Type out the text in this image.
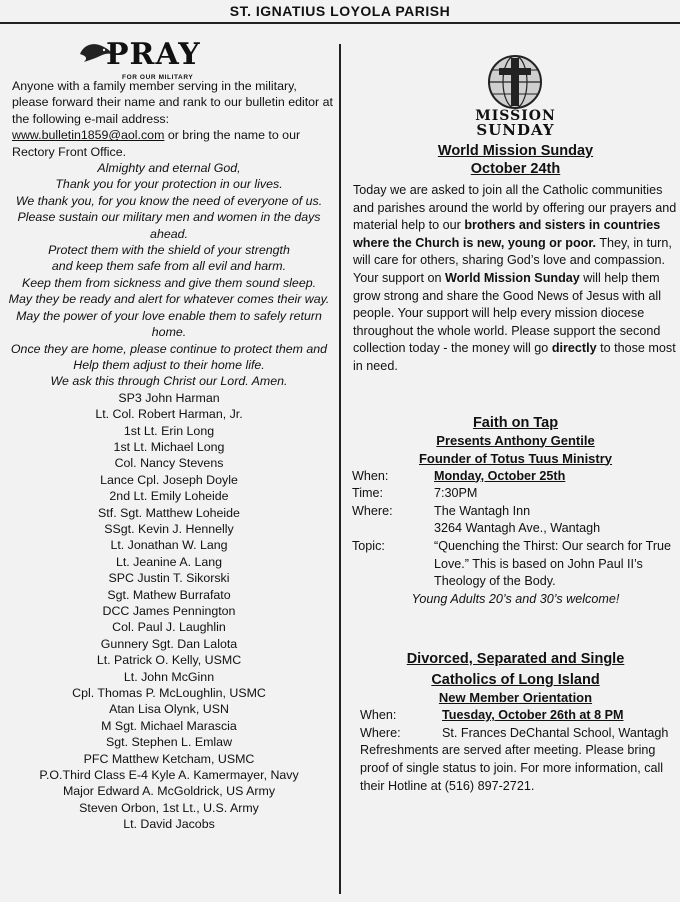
ST. IGNATIUS LOYOLA PARISH
PRAY
FOR OUR MILITARY
Anyone with a family member serving in the military, please forward their name and rank to our bulletin editor at the following e-mail address:
www.bulletin1859@aol.com or bring the name to our Rectory Front Office.
Almighty and eternal God,
Thank you for your protection in our lives.
We thank you, for you know the need of everyone of us.
Please sustain our military men and women in the days ahead.
Protect them with the shield of your strength
and keep them safe from all evil and harm.
Keep them from sickness and give them sound sleep.
May they be ready and alert for whatever comes their way.
May the power of your love enable them to safely return home.
Once they are home, please continue to protect them and
Help them adjust to their home life.
We ask this through Christ our Lord. Amen.
SP3 John Harman
Lt. Col. Robert Harman, Jr.
1st Lt. Erin Long
1st Lt. Michael Long
Col. Nancy Stevens
Lance Cpl. Joseph Doyle
2nd Lt. Emily Loheide
Stf. Sgt. Matthew Loheide
SSgt. Kevin J. Hennelly
Lt. Jonathan W. Lang
Lt. Jeanine A. Lang
SPC Justin T. Sikorski
Sgt. Mathew Burrafato
DCC James Pennington
Col. Paul J. Laughlin
Gunnery Sgt. Dan Lalota
Lt. Patrick O. Kelly, USMC
Lt. John McGinn
Cpl. Thomas P. McLoughlin, USMC
Atan Lisa Olynk, USN
M Sgt. Michael Marascia
Sgt. Stephen L. Emlaw
PFC Matthew Ketcham, USMC
P.O.Third Class E-4 Kyle A. Kamermayer, Navy
Major Edward A. McGoldrick, US Army
Steven Orbon, 1st Lt., U.S. Army
Lt. David Jacobs
MISSION
SUNDAY
World Mission Sunday
October 24th
Today we are asked to join all the Catholic communities and parishes around the world by offering our prayers and material help to our brothers and sisters in countries where the Church is new, young or poor. They, in turn, will care for others, sharing God’s love and compassion. Your support on World Mission Sunday will help them grow strong and share the Good News of Jesus with all people. Your support will help every mission diocese throughout the whole world. Please support the second collection today - the money will go directly to those most in need.
Faith on Tap
Presents Anthony Gentile
Founder of Totus Tuus Ministry
When:	Monday, October 25th
Time:	7:30PM
Where:	The Wantagh Inn
3264 Wantagh Ave., Wantagh
Topic:	“Quenching the Thirst: Our search for True Love.” This is based on John Paul II’s Theology of the Body.
Young Adults 20’s and 30’s welcome!
Divorced, Separated and Single
Catholics of Long Island
New Member Orientation
When:	Tuesday, October 26th at 8 PM
Where:	St. Frances DeChantal School, Wantagh
Refreshments are served after meeting. Please bring proof of single status to join. For more information, call their Hotline at (516) 897-2721.
